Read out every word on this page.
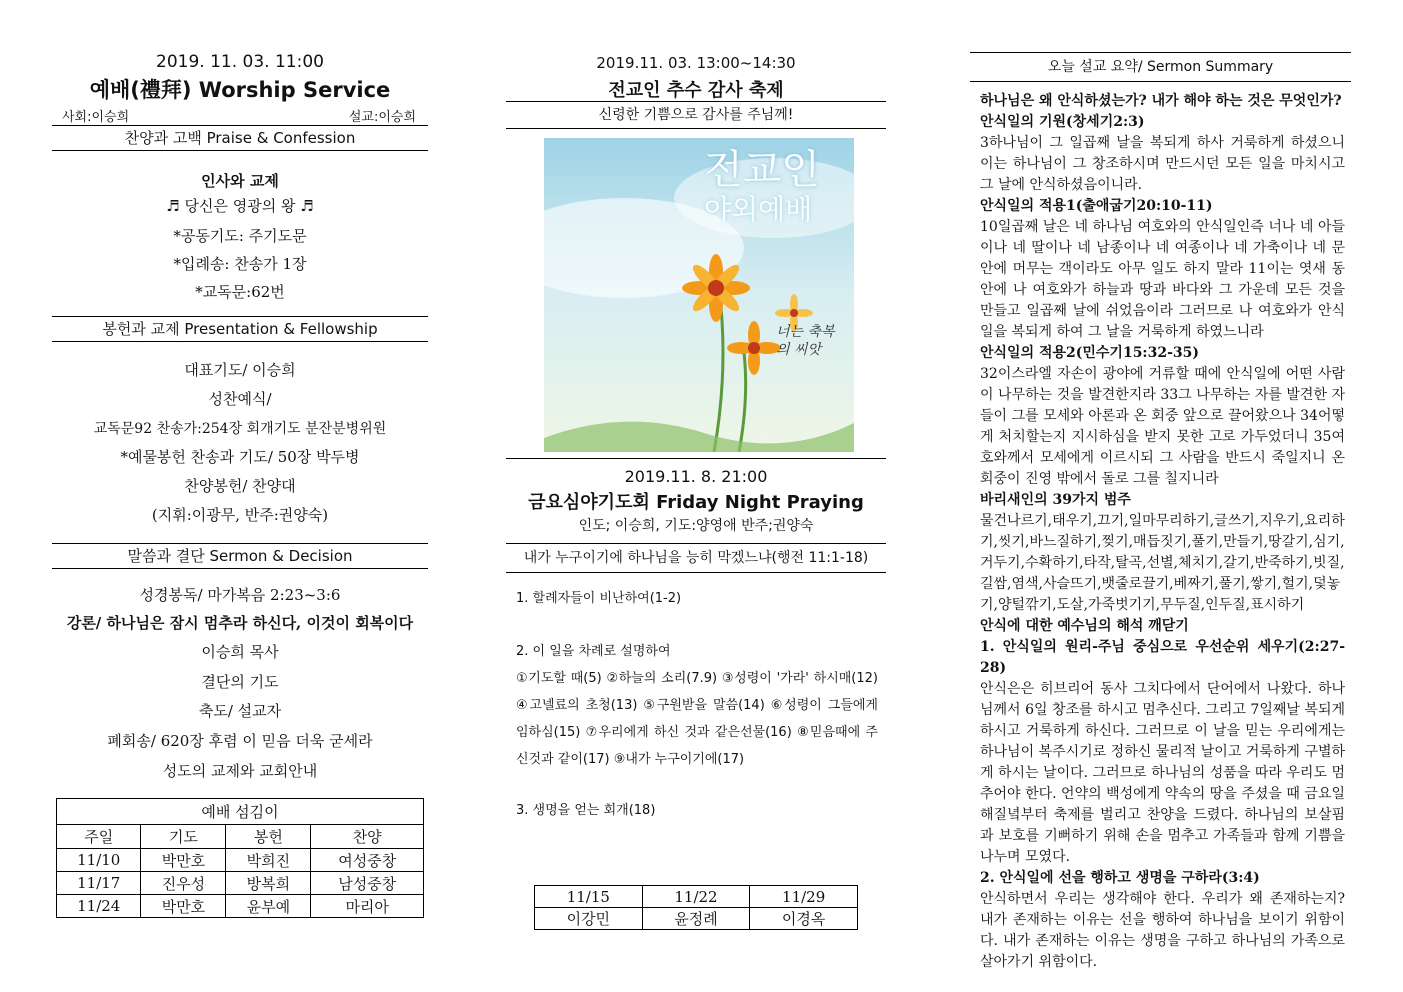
2019. 11. 03. 11:00
예배(禮拜) Worship Service
사회:이승희	설교:이승희
찬양과 고백 Praise & Confession
인사와 교제
♬ 당신은 영광의 왕 ♬
*공동기도: 주기도문
*입례송: 찬송가 1장
*교독문:62번
봉헌과 교제 Presentation & Fellowship
대표기도/ 이승희
성찬예식/
교독문92 찬송가:254장 회개기도 분잔분병위원
*예물봉헌 찬송과 기도/ 50장 박두병
찬양봉헌/ 찬양대
(지휘:이광무, 반주:권양숙)
말씀과 결단 Sermon & Decision
성경봉독/ 마가복음 2:23~3:6
강론/ 하나님은 잠시 멈추라 하신다, 이것이 회복이다
이승희 목사
결단의 기도
축도/ 설교자
폐회송/ 620장 후렴 이 믿음 더욱 굳세라
성도의 교제와 교회안내
예배 섬김이			
주일	기도	봉헌	찬양
11/10	박만호	박희진	여성중창
11/17	진우성	방복희	남성중창
11/24	박만호	윤부예	마리아
2019.11. 03. 13:00~14:30
전교인 추수 감사 축제
신령한 기쁨으로 감사를 주님께!
전교인
야외예배
너는 축복의 씨앗
2019.11. 8. 21:00
금요심야기도회 Friday Night Praying
인도; 이승희, 기도:양영애 반주;권양숙
내가 누구이기에 하나님을 능히 막겠느냐(행전 11:1-18)
1. 할례자들이 비난하여(1-2)
2. 이 일을 차례로 설명하여
①기도할 때(5) ②하늘의 소리(7.9) ③성령이 '가라' 하시매(12) ④고넬료의 초청(13) ⑤구원받을 말씀(14) ⑥성령이 그들에게 임하심(15) ⑦우리에게 하신 것과 같은선물(16) ⑧믿음때에 주신것과 같이(17) ⑨내가 누구이기에(17)
3. 생명을 얻는 회개(18)
11/15	11/22	11/29
이강민	윤정례	이경옥
오늘 설교 요약/ Sermon Summary
하나님은 왜 안식하셨는가? 내가 해야 하는 것은 무엇인가?
안식일의 기원(창세기2:3)
3하나님이 그 일곱째 날을 복되게 하사 거룩하게 하셨으니 이는 하나님이 그 창조하시며 만드시던 모든 일을 마치시고 그 날에 안식하셨음이니라.
안식일의 적용1(출애굽기20:10-11)
10일곱째 날은 네 하나님 여호와의 안식일인즉 너나 네 아들이나 네 딸이나 네 남종이나 네 여종이나 네 가축이나 네 문안에 머무는 객이라도 아무 일도 하지 말라 11이는 엿새 동안에 나 여호와가 하늘과 땅과 바다와 그 가운데 모든 것을 만들고 일곱째 날에 쉬었음이라 그러므로 나 여호와가 안식일을 복되게 하여 그 날을 거룩하게 하였느니라
안식일의 적용2(민수기15:32-35)
32이스라엘 자손이 광야에 거류할 때에 안식일에 어떤 사람이 나무하는 것을 발견한지라 33그 나무하는 자를 발견한 자들이 그를 모세와 아론과 온 회중 앞으로 끌어왔으나 34어떻게 처치할는지 지시하심을 받지 못한 고로 가두었더니 35여호와께서 모세에게 이르시되 그 사람을 반드시 죽일지니 온 회중이 진영 밖에서 돌로 그를 칠지니라
바리새인의 39가지 범주
물건나르기,태우기,끄기,일마무리하기,글쓰기,지우기,요리하기,씻기,바느질하기,찢기,매듭짓기,풀기,만들기,땅갈기,심기,거두기,수확하기,타작,탈곡,선별,체치기,갈기,반죽하기,빗질,길쌈,염색,사슬뜨기,뱃줄로끌기,베짜기,풀기,쌓기,헐기,덫놓기,양털깎기,도살,가죽벗기기,무두질,인두질,표시하기
안식에 대한 예수님의 해석 깨닫기
1. 안식일의 원리-주님 중심으로 우선순위 세우기(2:27-28)
안식은은 히브리어 동사 그치다에서 단어에서 나왔다. 하나님께서 6일 창조를 하시고 멈추신다. 그리고 7일째날 복되게 하시고 거룩하게 하신다. 그러므로 이 날을 믿는 우리에게는 하나님이 복주시기로 정하신 물리적 날이고 거룩하게 구별하게 하시는 날이다. 그러므로 하나님의 성품을 따라 우리도 멈추어야 한다. 언약의 백성에게 약속의 땅을 주셨을 때 금요일 해질녘부터 축제를 벌리고 찬양을 드렸다. 하나님의 보살핌과 보호를 기뻐하기 위해 손을 멈추고 가족들과 함께 기쁨을 나누며 모였다.
2. 안식일에 선을 행하고 생명을 구하라(3:4)
안식하면서 우리는 생각해야 한다. 우리가 왜 존재하는지? 내가 존재하는 이유는 선을 행하여 하나님을 보이기 위함이다. 내가 존재하는 이유는 생명을 구하고 하나님의 가족으로 살아가기 위함이다.
